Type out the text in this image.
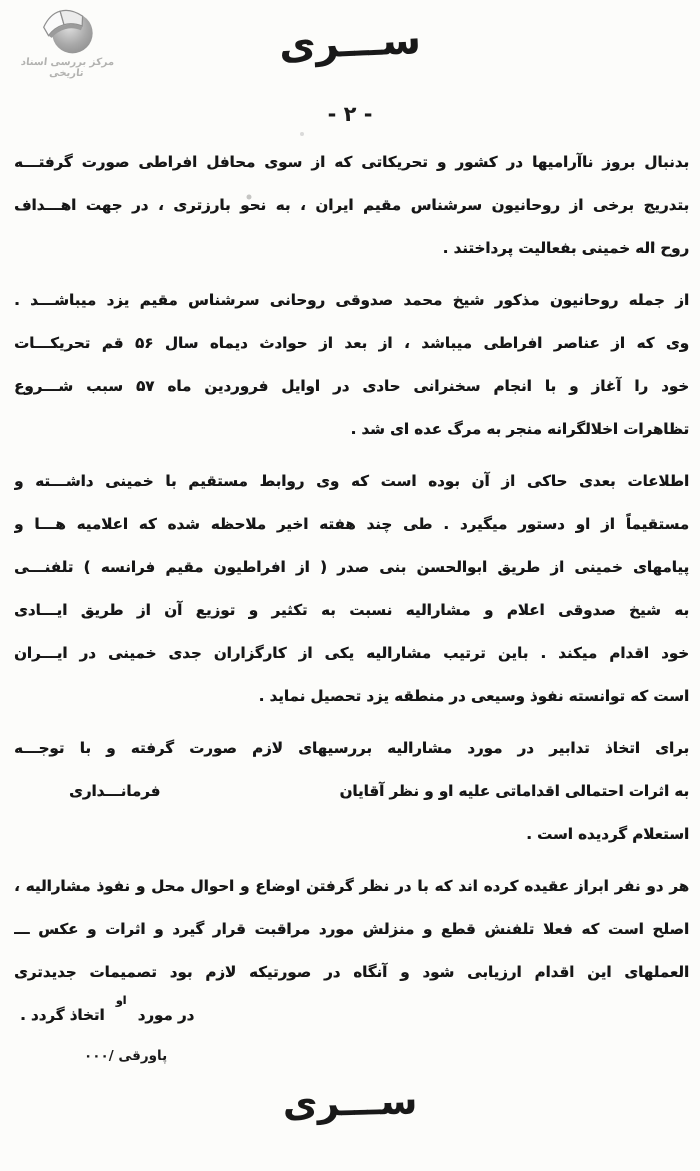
مرکز بررسی اسناد تاریخی
ســـری
- ۲ -
بدنبال بروز ناآرامیها در کشور و تحریکاتی که از سوی محافل افراطی صورت گرفتـــه
بتدریج برخی از روحانیون سرشناس مقیم ایران ، به نحو بارزتری ، در جهت اهـــداف
روح اله خمینی بفعالیت پرداختند .
از جمله روحانیون مذکور شیخ محمد صدوقی روحانی سرشناس مقیم یزد میباشـــد .
وی که از عناصر افراطی میباشد ، از بعد از حوادث دیماه سال ۵۶ قم تحریکـــات
خود را آغاز و با انجام سخنرانی حادی در اوایل فروردین ماه ۵۷ سبب شـــروع
تظاهرات اخلالگرانه منجر به مرگ عده ای شد .
اطلاعات بعدی حاکی از آن بوده است که وی روابط مستقیم با خمینی داشـــته و
مستقیماً از او دستور میگیرد . طی چند هفته اخیر ملاحظه شده که اعلامیه هـــا و
پیامهای خمینی از طریق ابوالحسن بنی صدر ( از افراطیون مقیم فرانسه ) تلفنـــی
به شیخ صدوقی اعلام و مشارالیه نسبت به تکثیر و توزیع آن از طریق ایـــادی
خود اقدام میکند . باین ترتیب مشارالیه یکی از کارگزاران جدی خمینی در ایـــران
است که توانسته نفوذ وسیعی در منطقه یزد تحصیل نماید .
برای اتخاذ تدابیر در مورد مشارالیه بررسیهای لازم صورت گرفته و با توجـــه
به اثرات احتمالی اقداماتی علیه او و نظر آقایان
فرمانـــداری
استعلام گردیده است .
هر دو نفر ابراز عقیده کرده اند که با در نظر گرفتن اوضاع و احوال محل و نفوذ مشارالیه ،
اصلح است که فعلا تلفنش قطع و منزلش مورد مراقبت قرار گیرد و اثرات و عکس ـــ
العملهای این اقدام ارزیابی شود و آنگاه در صورتیکه لازم بود تصمیمات جدیدتری
در مورد او اتخاذ گردد .
پاورقی /۰۰۰
ســـری
